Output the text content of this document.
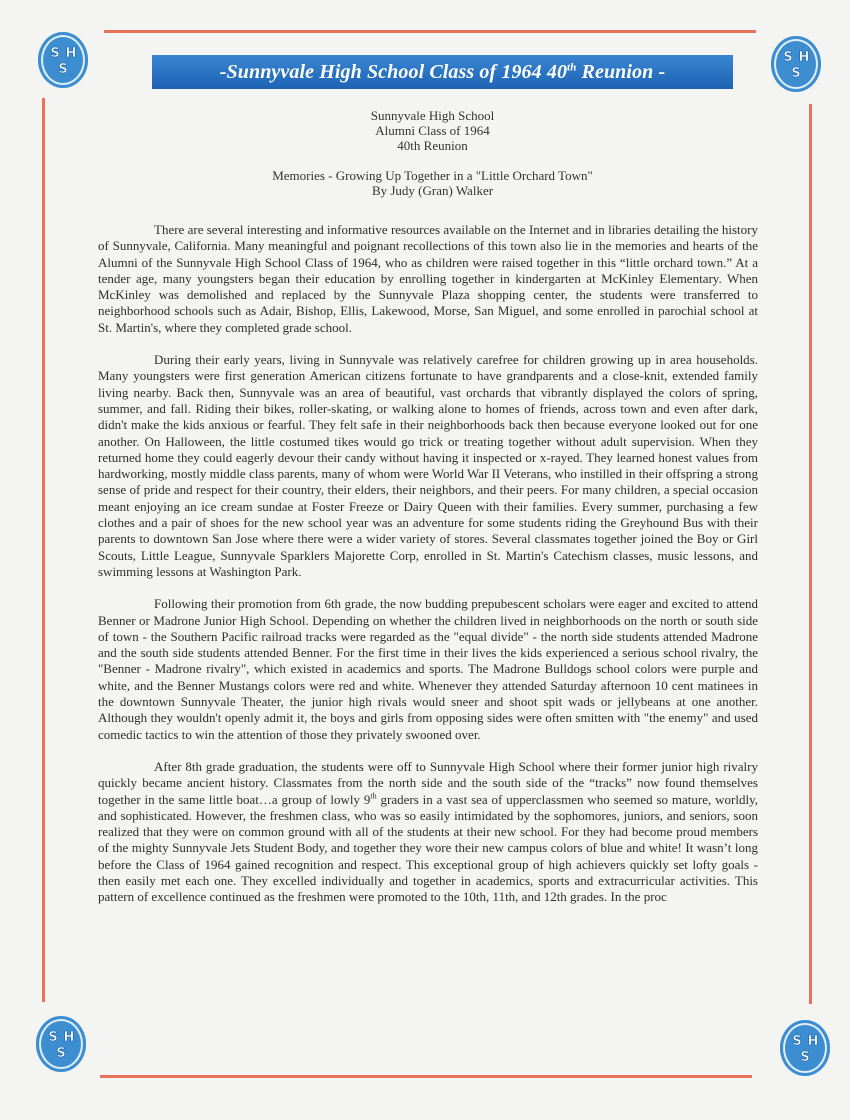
S H
S
S H
S
S H
S
S H
S
-Sunnyvale High School Class of 1964 40th Reunion -
Sunnyvale High School
Alumni Class of 1964
40th Reunion
Memories - Growing Up Together in a "Little Orchard Town"
By Judy (Gran) Walker

There are several interesting and informative resources available on the Internet and in libraries detailing the history of Sunnyvale, California. Many meaningful and poignant recollections of this town also lie in the memories and hearts of the Alumni of the Sunnyvale High School Class of 1964, who as children were raised together in this “little orchard town.” At a tender age, many youngsters began their education by enrolling together in kindergarten at McKinley Elementary. When McKinley was demolished and replaced by the Sunnyvale Plaza shopping center, the students were transferred to neighborhood schools such as Adair, Bishop, Ellis, Lakewood, Morse, San Miguel, and some enrolled in parochial school at St. Martin's, where they completed grade school.

During their early years, living in Sunnyvale was relatively carefree for children growing up in area households. Many youngsters were first generation American citizens fortunate to have grandparents and a close-knit, extended family living nearby. Back then, Sunnyvale was an area of beautiful, vast orchards that vibrantly displayed the colors of spring, summer, and fall. Riding their bikes, roller-skating, or walking alone to homes of friends, across town and even after dark, didn't make the kids anxious or fearful. They felt safe in their neighborhoods back then because everyone looked out for one another. On Halloween, the little costumed tikes would go trick or treating together without adult supervision. When they returned home they could eagerly devour their candy without having it inspected or x-rayed. They learned honest values from hardworking, mostly middle class parents, many of whom were World War II Veterans, who instilled in their offspring a strong sense of pride and respect for their country, their elders, their neighbors, and their peers. For many children, a special occasion meant enjoying an ice cream sundae at Foster Freeze or Dairy Queen with their families. Every summer, purchasing a few clothes and a pair of shoes for the new school year was an adventure for some students riding the Greyhound Bus with their parents to downtown San Jose where there were a wider variety of stores. Several classmates together joined the Boy or Girl Scouts, Little League, Sunnyvale Sparklers Majorette Corp, enrolled in St. Martin's Catechism classes, music lessons, and swimming lessons at Washington Park.

Following their promotion from 6th grade, the now budding prepubescent scholars were eager and excited to attend Benner or Madrone Junior High School. Depending on whether the children lived in neighborhoods on the north or south side of town - the Southern Pacific railroad tracks were regarded as the "equal divide" - the north side students attended Madrone and the south side students attended Benner. For the first time in their lives the kids experienced a serious school rivalry, the "Benner - Madrone rivalry", which existed in academics and sports. The Madrone Bulldogs school colors were purple and white, and the Benner Mustangs colors were red and white. Whenever they attended Saturday afternoon 10 cent matinees in the downtown Sunnyvale Theater, the junior high rivals would sneer and shoot spit wads or jellybeans at one another. Although they wouldn't openly admit it, the boys and girls from opposing sides were often smitten with "the enemy" and used comedic tactics to win the attention of those they privately swooned over.

After 8th grade graduation, the students were off to Sunnyvale High School where their former junior high rivalry quickly became ancient history. Classmates from the north side and the south side of the “tracks” now found themselves together in the same little boat…a group of lowly 9th graders in a vast sea of upperclassmen who seemed so mature, worldly, and sophisticated. However, the freshmen class, who was so easily intimidated by the sophomores, juniors, and seniors, soon realized that they were on common ground with all of the students at their new school. For they had become proud members of the mighty Sunnyvale Jets Student Body, and together they wore their new campus colors of blue and white! It wasn’t long before the Class of 1964 gained recognition and respect. This exceptional group of high achievers quickly set lofty goals - then easily met each one. They excelled individually and together in academics, sports and extracurricular activities. This pattern of excellence continued as the freshmen were promoted to the 10th, 11th, and 12th grades. In the proc
